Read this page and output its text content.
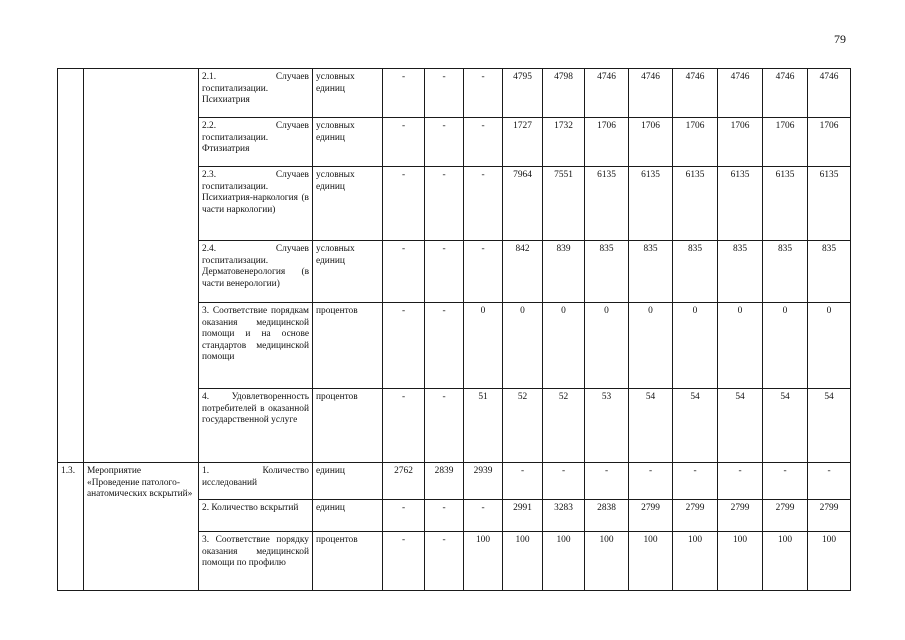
79
		2.1. Случаев госпитализации. Психиатрия	условных единиц	-	-	-	4795	4798	4746	4746	4746	4746	4746	4746
		2.2. Случаев госпитализации. Фтизиатрия	условных единиц	-	-	-	1727	1732	1706	1706	1706	1706	1706	1706
		2.3. Случаев госпитализации. Психиатрия-наркология (в части наркологии)	условных единиц	-	-	-	7964	7551	6135	6135	6135	6135	6135	6135
		2.4. Случаев госпитализации. Дерматовенерология (в части венерологии)	условных единиц	-	-	-	842	839	835	835	835	835	835	835
		3. Соответствие порядкам оказания медицинской помощи и на основе стандартов медицинской помощи	процентов	-	-	0	0	0	0	0	0	0	0	0
		4. Удовлетворенность потребителей в оказанной государственной услуге	процентов	-	-	51	52	52	53	54	54	54	54	54
1.3.	Мероприятие «Проведение патолого-анатомических вскрытий»	1. Количество исследований	единиц	2762	2839	2939	-	-	-	-	-	-	-	-
		2. Количество вскрытий	единиц	-	-	-	2991	3283	2838	2799	2799	2799	2799	2799
		3. Соответствие порядку оказания медицинской помощи по профилю	процентов	-	-	100	100	100	100	100	100	100	100	100
